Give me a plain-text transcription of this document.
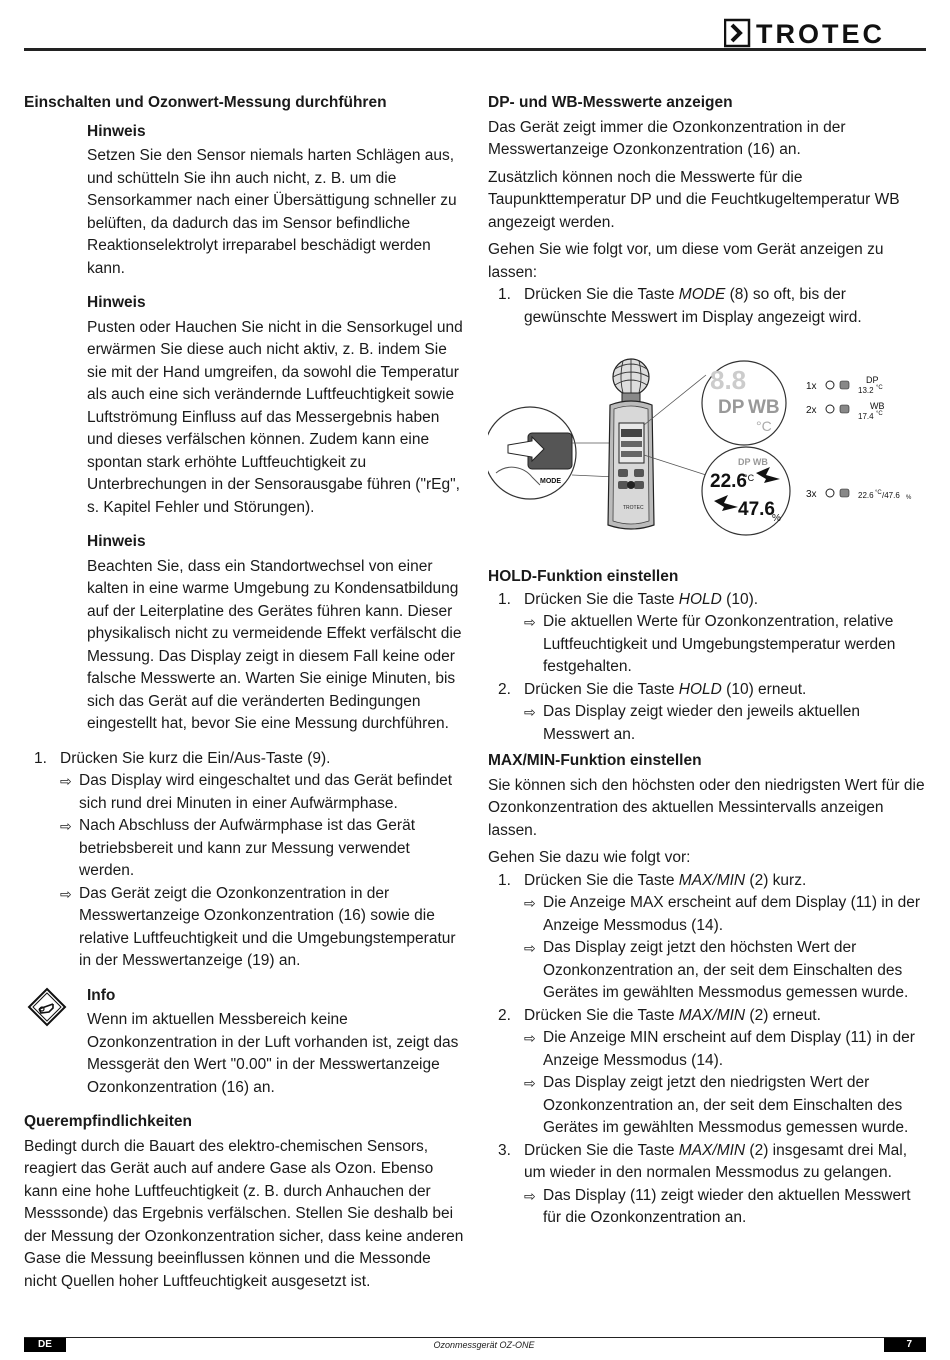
TROTEC
Einschalten und Ozonwert-Messung durchführen
Hinweis

Setzen Sie den Sensor niemals harten Schlägen aus, und schütteln Sie ihn auch nicht, z. B. um die Sensorkammer nach einer Übersättigung schneller zu belüften, da dadurch das im Sensor befindliche Reaktionselektrolyt irreparabel beschädigt werden kann.

Hinweis

Pusten oder Hauchen Sie nicht in die Sensorkugel und erwärmen Sie diese auch nicht aktiv, z. B. indem Sie sie mit der Hand umgreifen, da sowohl die Temperatur als auch eine sich verändernde Luftfeuchtigkeit sowie Luftströmung Einfluss auf das Messergebnis haben und dieses verfälschen können. Zudem kann eine spontan stark erhöhte Luftfeuchtigkeit zu Unterbrechungen in der Sensorausgabe führen ("rEg", s. Kapitel Fehler und Störungen).

Hinweis

Beachten Sie, dass ein Standortwechsel von einer kalten in eine warme Umgebung zu Kondensatbildung auf der Leiterplatine des Gerätes führen kann. Dieser physikalisch nicht zu vermeidende Effekt verfälscht die Messung. Das Display zeigt in diesem Fall keine oder falsche Messwerte an. Warten Sie einige Minuten, bis sich das Gerät auf die veränderten Bedingungen eingestellt hat, bevor Sie eine Messung durchführen.

1. Drücken Sie kurz die Ein/Aus-Taste (9).
⇨ Das Display wird eingeschaltet und das Gerät befindet sich rund drei Minuten in einer Aufwärmphase.
⇨ Nach Abschluss der Aufwärmphase ist das Gerät betriebsbereit und kann zur Messung verwendet werden.
⇨ Das Gerät zeigt die Ozonkonzentration in der Messwertanzeige Ozonkonzentration (16) sowie die relative Luftfeuchtigkeit und die Umgebungstemperatur in der Messwertanzeige (19) an.
Info

Wenn im aktuellen Messbereich keine Ozonkonzentration in der Luft vorhanden ist, zeigt das Messgerät den Wert "0.00" in der Messwertanzeige Ozonkonzentration (16) an.

Querempfindlichkeiten

Bedingt durch die Bauart des elektro-chemischen Sensors, reagiert das Gerät auch auf andere Gase als Ozon. Ebenso kann eine hohe Luftfeuchtigkeit (z. B. durch Anhauchen der Messsonde) das Ergebnis verfälschen. Stellen Sie deshalb bei der Messung der Ozonkonzentration sicher, dass keine anderen Gase die Messung beeinflussen können und die Messonde nicht Quellen hoher Luftfeuchtigkeit ausgesetzt ist.

DP- und WB-Messwerte anzeigen

Das Gerät zeigt immer die Ozonkonzentration in der Messwertanzeige Ozonkonzentration (16) an.

Zusätzlich können noch die Messwerte für die Taupunkttemperatur DP und die Feuchtkugeltemperatur WB angezeigt werden.

Gehen Sie wie folgt vor, um diese vom Gerät anzeigen zu lassen:

1. Drücken Sie die Taste MODE (8) so oft, bis der gewünschte Messwert im Display angezeigt wird.
MODE
TROTEC
8.8
DP WB
°C
DP WB
22.6
°C
47.6
%
1x
DP
13.2 °C
2x	WB
17.4 °C
3x	22.6 °C /47.6 %
HOLD-Funktion einstellen
1. Drücken Sie die Taste HOLD (10).
⇨ Die aktuellen Werte für Ozonkonzentration, relative Luftfeuchtigkeit und Umgebungstemperatur werden festgehalten.
2. Drücken Sie die Taste HOLD (10) erneut.
⇨ Das Display zeigt wieder den jeweils aktuellen Messwert an.
MAX/MIN-Funktion einstellen

Sie können sich den höchsten oder den niedrigsten Wert für die Ozonkonzentration des aktuellen Messintervalls anzeigen lassen.

Gehen Sie dazu wie folgt vor:

1. Drücken Sie die Taste MAX/MIN (2) kurz.
⇨ Die Anzeige MAX erscheint auf dem Display (11) in der Anzeige Messmodus (14).
⇨ Das Display zeigt jetzt den höchsten Wert der Ozonkonzentration an, der seit dem Einschalten des Gerätes im gewählten Messmodus gemessen wurde.
2. Drücken Sie die Taste MAX/MIN (2) erneut.
⇨ Die Anzeige MIN erscheint auf dem Display (11) in der Anzeige Messmodus (14).
⇨ Das Display zeigt jetzt den niedrigsten Wert der Ozonkonzentration an, der seit dem Einschalten des Gerätes im gewählten Messmodus gemessen wurde.
3. Drücken Sie die Taste MAX/MIN (2) insgesamt drei Mal, um wieder in den normalen Messmodus zu gelangen.
⇨ Das Display (11) zeigt wieder den aktuellen Messwert für die Ozonkonzentration an.
DE	Ozonmessgerät OZ-ONE	7
